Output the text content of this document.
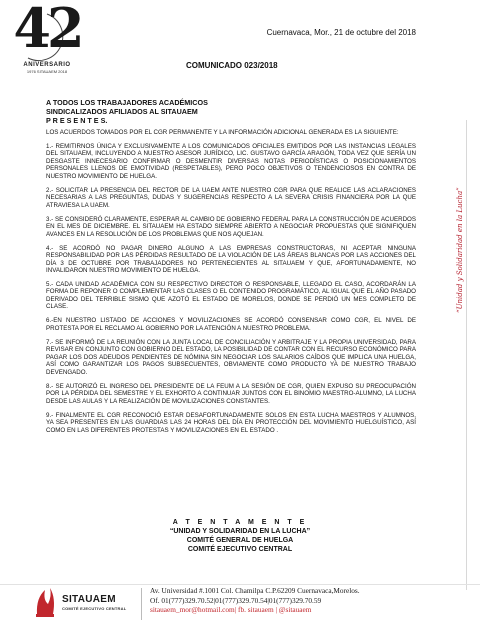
42
ANIVERSARIO
1976 SITAUAEM 2018
Cuernavaca, Mor., 21 de octubre del 2018
COMUNICADO 023/2018
A TODOS LOS TRABAJADORES ACADÉMICOS
SINDICALIZADOS AFILIADOS AL SITAUAEM
P R E S E N T E S.

LOS ACUERDOS TOMADOS POR EL CGR PERMANENTE Y LA INFORMACIÓN ADICIONAL GENERADA ES LA SIGUIENTE:

1.- REMITIRNOS ÚNICA Y EXCLUSIVAMENTE A LOS COMUNICADOS OFICIALES EMITIDOS POR LAS INSTANCIAS LEGALES DEL SITAUAEM, INCLUYENDO A NUESTRO ASESOR JURÍDICO, LIC. GUSTAVO GARCÍA ARAGÓN, TODA VEZ QUE SERÍA UN DESGASTE INNECESARIO CONFIRMAR O DESMENTIR DIVERSAS NOTAS PERIODÍSTICAS O POSICIONAMIENTOS PERSONALES LLENOS DE EMOTIVIDAD (RESPETABLES), PERO POCO OBJETIVOS O TENDENCIOSOS EN CONTRA DE NUESTRO MOVIMIENTO DE HUELGA.

2.- SOLICITAR LA PRESENCIA DEL RECTOR DE LA UAEM ANTE NUESTRO CGR PARA QUE REALICE LAS ACLARACIONES NECESARIAS A LAS PREGUNTAS, DUDAS Y SUGERENCIAS RESPECTO A LA SEVERA CRISIS FINANCIERA POR LA QUE ATRAVIESA LA UAEM.

3.- SE CONSIDERÓ CLARAMENTE, ESPERAR AL CAMBIO DE GOBIERNO FEDERAL PARA LA CONSTRUCCIÓN DE ACUERDOS EN EL MES DE DICIEMBRE. EL SITAUAEM HA ESTADO SIEMPRE ABIERTO A NEGOCIAR PROPUESTAS QUE SIGNIFIQUEN AVANCES EN LA RESOLUCIÓN DE LOS PROBLEMAS QUE NOS AQUEJAN.

4.- SE ACORDÓ NO PAGAR DINERO ALGUNO A LAS EMPRESAS CONSTRUCTORAS, NI ACEPTAR NINGUNA RESPONSABILIDAD POR LAS PÉRDIDAS RESULTADO DE LA VIOLACIÓN DE LAS ÁREAS BLANCAS POR LAS ACCIONES DEL DÍA 3 DE OCTUBRE POR TRABAJADORES NO PERTENECIENTES AL SITAUAEM Y QUE, AFORTUNADAMENTE, NO INVALIDARON NUESTRO MOVIMIENTO DE HUELGA.

5.- CADA UNIDAD ACADÉMICA CON SU RESPECTIVO DIRECTOR O RESPONSABLE, LLEGADO EL CASO, ACORDARÁN LA FORMA DE REPONER O COMPLEMENTAR LAS CLASES O EL CONTENIDO PROGRAMÁTICO, AL IGUAL QUE EL AÑO PASADO DERIVADO DEL TERRIBLE SISMO QUE AZOTÓ EL ESTADO DE MORELOS, DONDE SE PERDIÓ UN MES COMPLETO DE CLASE.

6.-EN NUESTRO LISTADO DE ACCIONES Y MOVILIZACIONES SE ACORDÓ CONSENSAR COMO CGR, EL NIVEL DE PROTESTA POR EL RECLAMO AL GOBIERNO POR LA ATENCIÓN A NUESTRO PROBLEMA.

7.- SE INFORMÓ DE LA REUNIÓN CON LA JUNTA LOCAL DE CONCILIACIÓN Y ARBITRAJE Y LA PROPIA UNIVERSIDAD, PARA REVISAR EN CONJUNTO CON GOBIERNO DEL ESTADO, LA POSIBILIDAD DE CONTAR CON EL RECURSO ECONÓMICO PARA PAGAR LOS DOS ADEUDOS PENDIENTES DE NÓMINA SIN NEGOCIAR LOS SALARIOS CAÍDOS QUE IMPLICA UNA HUELGA, ASÍ COMO GARANTIZAR LOS PAGOS SUBSECUENTES, OBVIAMENTE COMO PRODUCTO YA DE NUESTRO TRABAJO DEVENGADO.

8.- SE AUTORIZÓ EL INGRESO DEL PRESIDENTE DE LA FEUM A LA SESIÓN DE CGR, QUIEN EXPUSO SU PREOCUPACIÓN POR LA PÉRDIDA DEL SEMESTRE Y EL EXHORTO A CONTINUAR JUNTOS CON EL BINOMIO MAESTRO-ALUMNO, LA LUCHA DESDE LAS AULAS Y LA REALIZACIÓN DE MOVILIZACIONES CONSTANTES.

9.- FINALMENTE EL CGR RECONOCIÓ ESTAR DESAFORTUNADAMENTE SOLOS EN ESTA LUCHA MAESTROS Y ALUMNOS, YA SEA PRESENTES EN LAS GUARDIAS LAS 24 HORAS DEL DÍA EN PROTECCIÓN DEL MOVIMIENTO HUELGUÍSTICO, ASÍ COMO EN LAS DIFERENTES PROTESTAS Y MOVILIZACIONES EN EL ESTADO .

A T E N T A M E N T E
“UNIDAD Y SOLIDARIDAD EN LA LUCHA”
COMITÉ GENERAL DE HUELGA
COMITÉ EJECUTIVO CENTRAL
“Unidad y Solidaridad en la Lucha”
SITAUAEM
COMITÉ EJECUTIVO CENTRAL
Av. Universidad #.1001 Col. Chamilpa C.P.62209 Cuernavaca,Morelos.
Of. 01(777)329.70.52|01(777)329.70.54|01(777)329.70.59
sitauaem_mor@hotmail.com| fb. sitauaem | @sitauaem
